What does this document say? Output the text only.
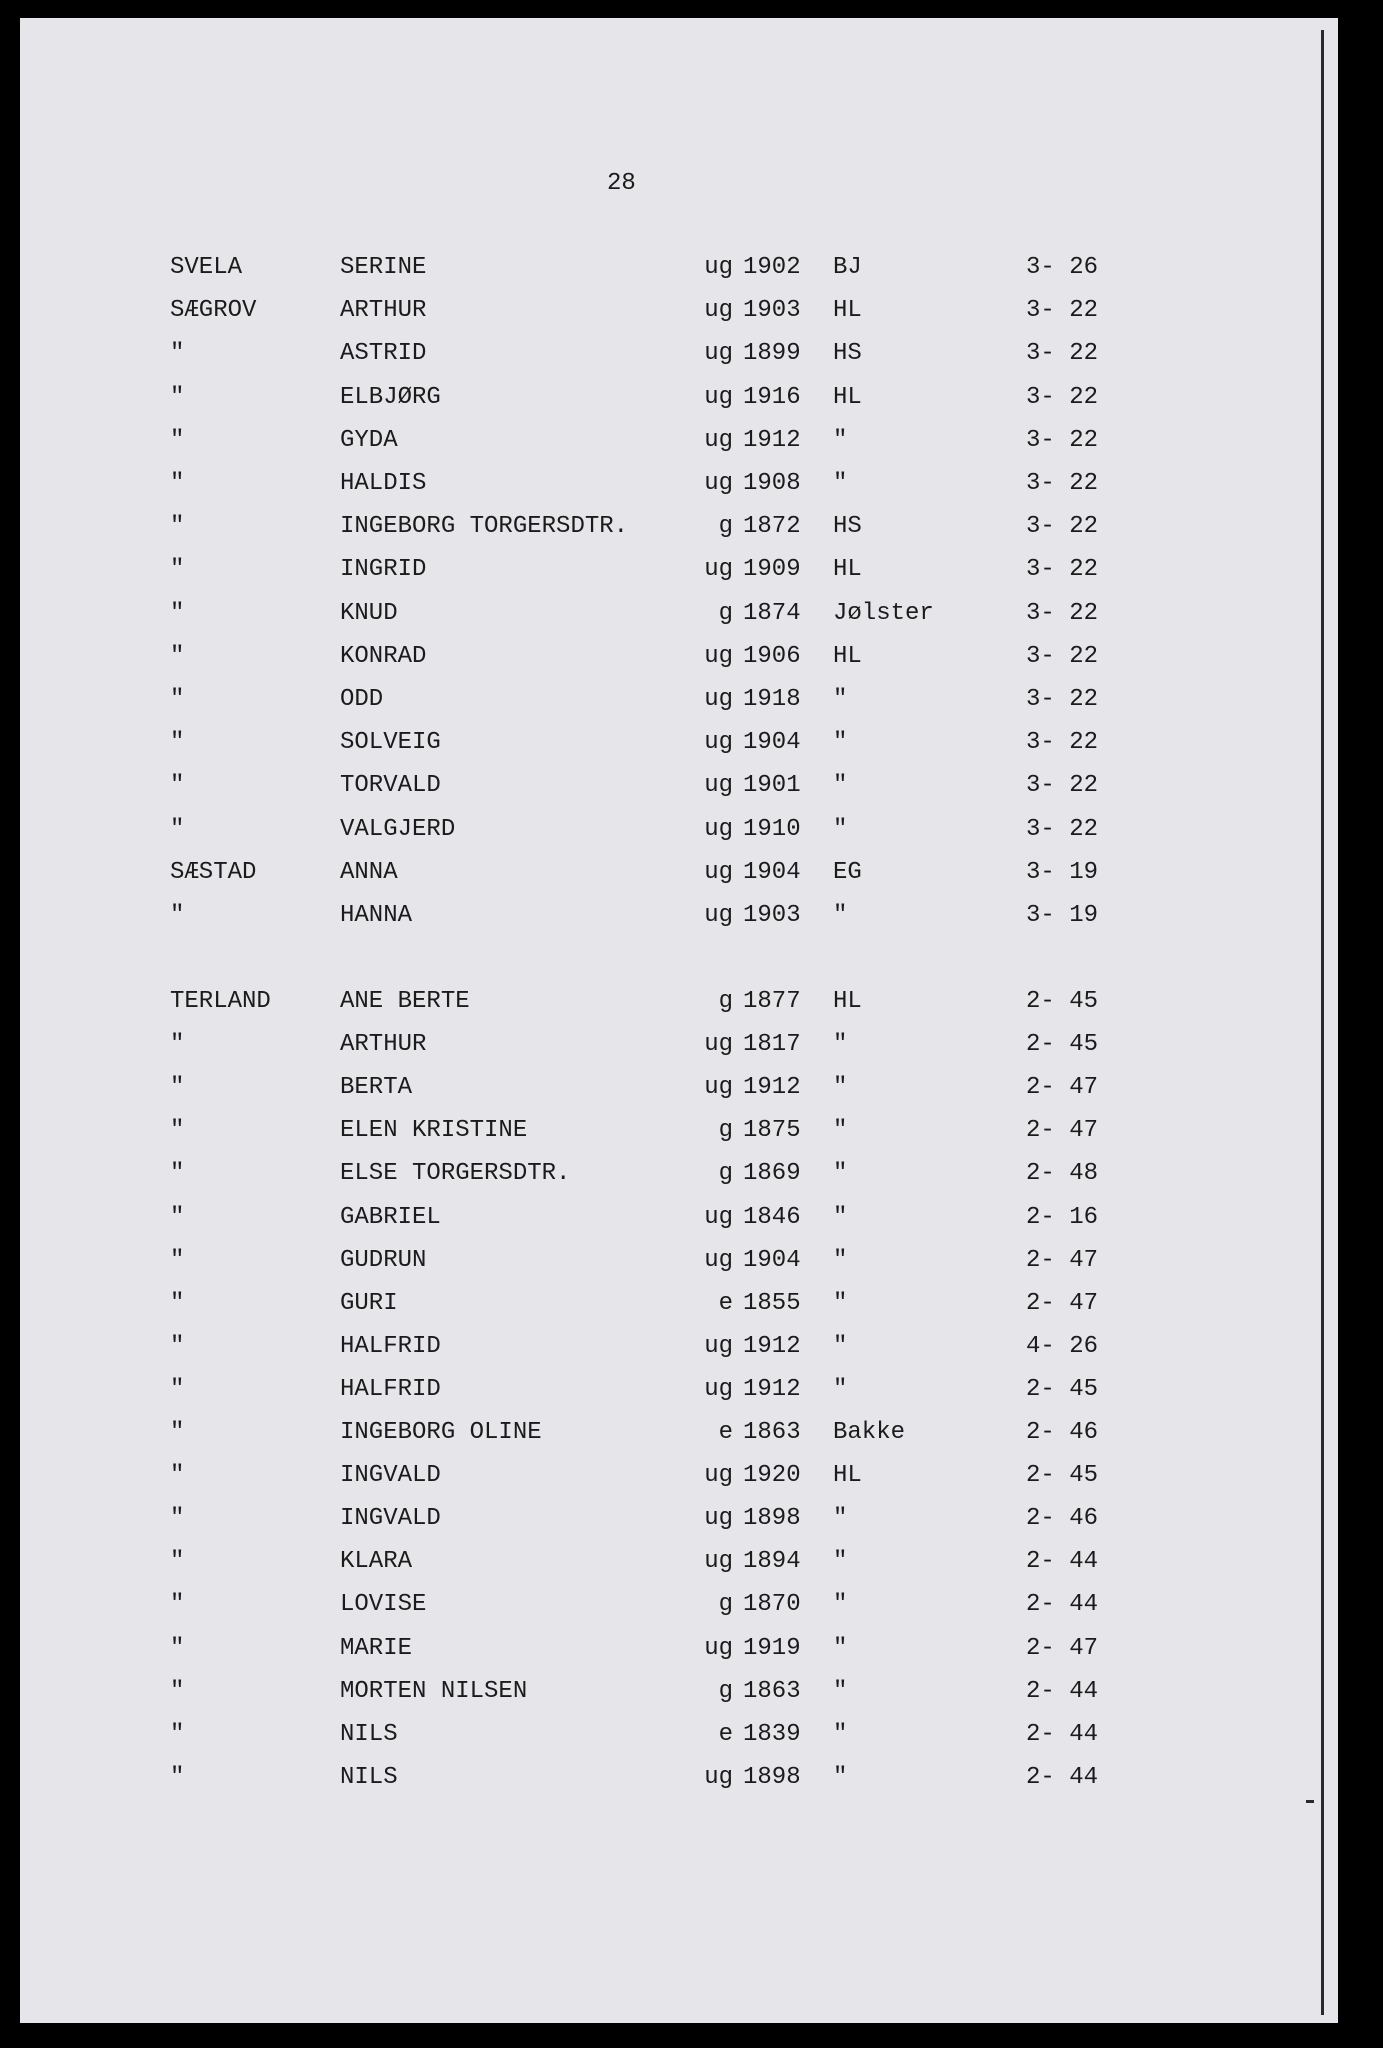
28
SVELA	SERINE	ug 1902 BJ	3- 26
SÆGROV	ARTHUR	ug 1903 HL	3- 22
"	ASTRID	ug 1899 HS	3- 22
"	ELBJØRG	ug 1916 HL	3- 22
"	GYDA	ug 1912 "	3- 22
"	HALDIS	ug 1908 "	3- 22
"	INGEBORG TORGERSDTR.	g 1872 HS	3- 22
"	INGRID	ug 1909 HL	3- 22
"	KNUD	g 1874 Jølster	3- 22
"	KONRAD	ug 1906 HL	3- 22
"	ODD	ug 1918 "	3- 22
"	SOLVEIG	ug 1904 "	3- 22
"	TORVALD	ug 1901 "	3- 22
"	VALGJERD	ug 1910 "	3- 22
SÆSTAD	ANNA	ug 1904 EG	3- 19
"	HANNA	ug 1903 "	3- 19
TERLAND	ANE BERTE	g 1877 HL	2- 45
"	ARTHUR	ug 1817 "	2- 45
"	BERTA	ug 1912 "	2- 47
"	ELEN KRISTINE	g 1875 "	2- 47
"	ELSE TORGERSDTR.	g 1869 "	2- 48
"	GABRIEL	ug 1846 "	2- 16
"	GUDRUN	ug 1904 "	2- 47
"	GURI	e 1855 "	2- 47
"	HALFRID	ug 1912 "	4- 26
"	HALFRID	ug 1912 "	2- 45
"	INGEBORG OLINE	e 1863 Bakke	2- 46
"	INGVALD	ug 1920 HL	2- 45
"	INGVALD	ug 1898 "	2- 46
"	KLARA	ug 1894 "	2- 44
"	LOVISE	g 1870 "	2- 44
"	MARIE	ug 1919 "	2- 47
"	MORTEN NILSEN	g 1863 "	2- 44
"	NILS	e 1839 "	2- 44
"	NILS	ug 1898 "	2- 44
